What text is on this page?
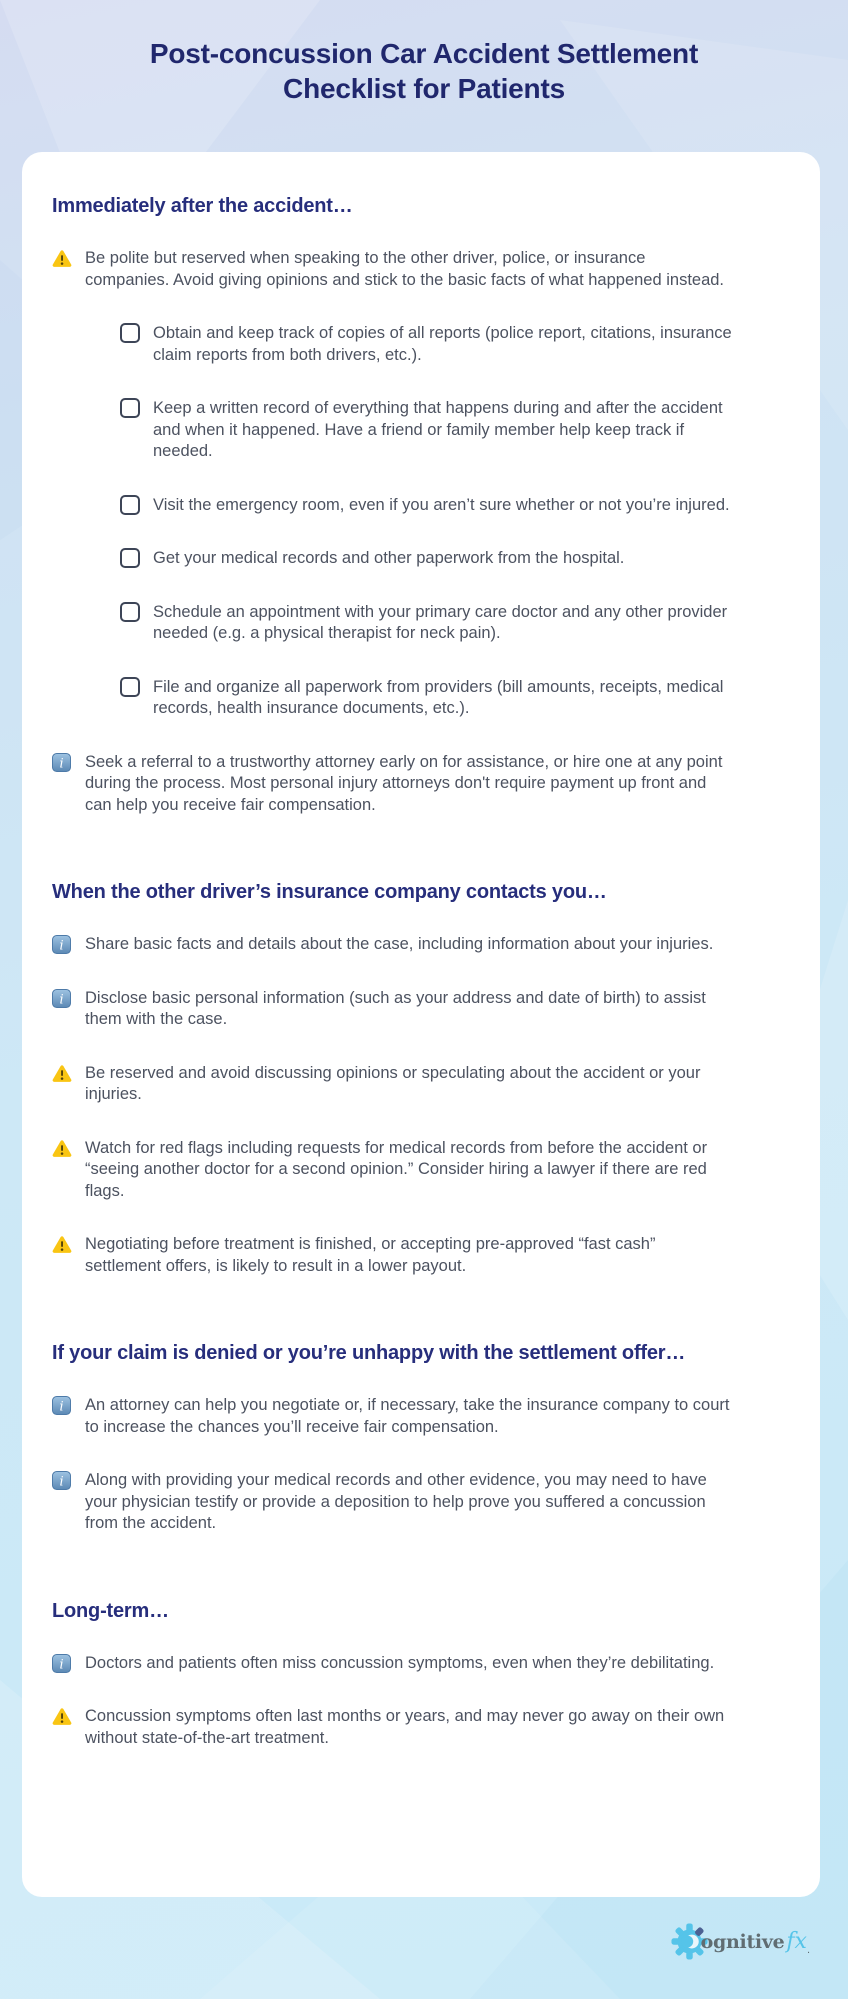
Post-concussion Car Accident Settlement
Checklist for Patients
Immediately after the accident…

Be polite but reserved when speaking to the other driver, police, or insurance companies. Avoid giving opinions and stick to the basic facts of what happened instead.

Obtain and keep track of copies of all reports (police report, citations, insurance claim reports from both drivers, etc.).

Keep a written record of everything that happens during and after the accident and when it happened. Have a friend or family member help keep track if needed.

Visit the emergency room, even if you aren’t sure whether or not you’re injured.

Get your medical records and other paperwork from the hospital.

Schedule an appointment with your primary care doctor and any other provider needed (e.g. a physical therapist for neck pain).

File and organize all paperwork from providers (bill amounts, receipts, medical records, health insurance documents, etc.).

i Seek a referral to a trustworthy attorney early on for assistance, or hire one at any point during the process. Most personal injury attorneys don't require payment up front and can help you receive fair compensation.

When the other driver’s insurance company contacts you…
i Share basic facts and details about the case, including information about your injuries.

i Disclose basic personal information (such as your address and date of birth) to assist them with the case.

Be reserved and avoid discussing opinions or speculating about the accident or your injuries.

Watch for red flags including requests for medical records from before the accident or “seeing another doctor for a second opinion.” Consider hiring a lawyer if there are red flags.

Negotiating before treatment is finished, or accepting pre-approved “fast cash” settlement offers, is likely to result in a lower payout.

If your claim is denied or you’re unhappy with the settlement offer…
i An attorney can help you negotiate or, if necessary, take the insurance company to court to increase the chances you’ll receive fair compensation.

i Along with providing your medical records and other evidence, you may need to have your physician testify or provide a deposition to help prove you suffered a concussion from the accident.

Long-term…
i Doctors and patients often miss concussion symptoms, even when they’re debilitating.

Concussion symptoms often last months or years, and may never go away on their own without state-of-the-art treatment.

ognitive fx .
